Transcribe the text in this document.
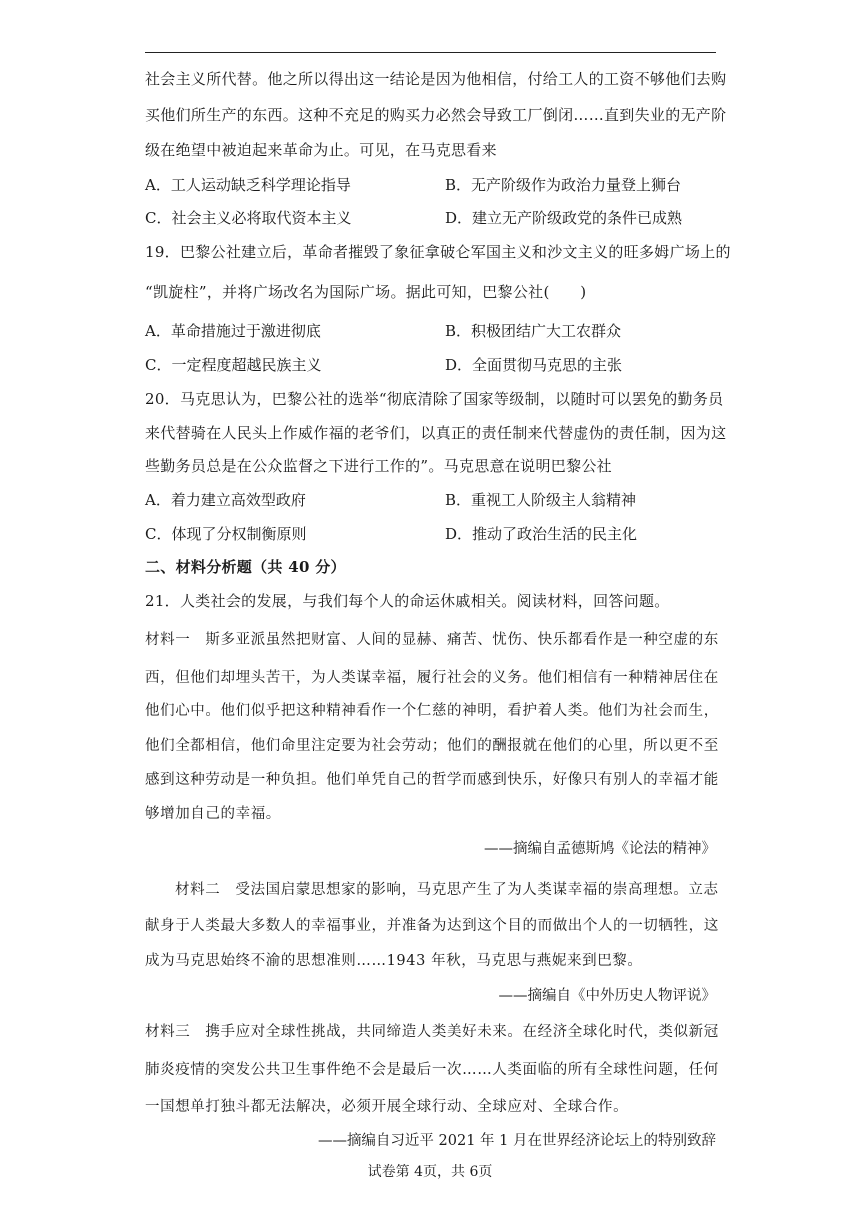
社会主义所代替。他之所以得出这一结论是因为他相信，付给工人的工资不够他们去购
买他们所生产的东西。这种不充足的购买力必然会导致工厂倒闭……直到失业的无产阶
级在绝望中被迫起来革命为止。可见，在马克思看来
A．工人运动缺乏科学理论指导	B．无产阶级作为政治力量登上狮台
C．社会主义必将取代资本主义	D．建立无产阶级政党的条件已成熟
19．巴黎公社建立后，革命者摧毁了象征拿破仑军国主义和沙文主义的旺多姆广场上的
“凯旋柱”，并将广场改名为国际广场。据此可知，巴黎公社(　　)
A．革命措施过于激进彻底	B．积极团结广大工农群众
C．一定程度超越民族主义	D．全面贯彻马克思的主张
20．马克思认为，巴黎公社的选举“彻底清除了国家等级制，以随时可以罢免的勤务员
来代替骑在人民头上作威作福的老爷们，以真正的责任制来代替虚伪的责任制，因为这
些勤务员总是在公众监督之下进行工作的”。马克思意在说明巴黎公社
A．着力建立高效型政府	B．重视工人阶级主人翁精神
C．体现了分权制衡原则	D．推动了政治生活的民主化
二、材料分析题（共 40 分）
21．人类社会的发展，与我们每个人的命运休戚相关。阅读材料，回答问题。
材料一　斯多亚派虽然把财富、人间的显赫、痛苦、忧伤、快乐都看作是一种空虚的东
西，但他们却埋头苦干，为人类谋幸福，履行社会的义务。他们相信有一种精神居住在
他们心中。他们似乎把这种精神看作一个仁慈的神明，看护着人类。他们为社会而生，
他们全都相信，他们命里注定要为社会劳动；他们的酬报就在他们的心里，所以更不至
感到这种劳动是一种负担。他们单凭自己的哲学而感到快乐，好像只有别人的幸福才能
够增加自己的幸福。
——摘编自孟德斯鸠《论法的精神》
材料二　受法国启蒙思想家的影响，马克思产生了为人类谋幸福的崇高理想。立志
献身于人类最大多数人的幸福事业，并准备为达到这个目的而做出个人的一切牺牲，这
成为马克思始终不渝的思想准则……1943 年秋，马克思与燕妮来到巴黎。
——摘编自《中外历史人物评说》
材料三　携手应对全球性挑战，共同缔造人类美好未来。在经济全球化时代，类似新冠
肺炎疫情的突发公共卫生事件绝不会是最后一次……人类面临的所有全球性问题，任何
一国想单打独斗都无法解决，必须开展全球行动、全球应对、全球合作。
——摘编自习近平 2021 年 1 月在世界经济论坛上的特别致辞
试卷第 4页，共 6页
